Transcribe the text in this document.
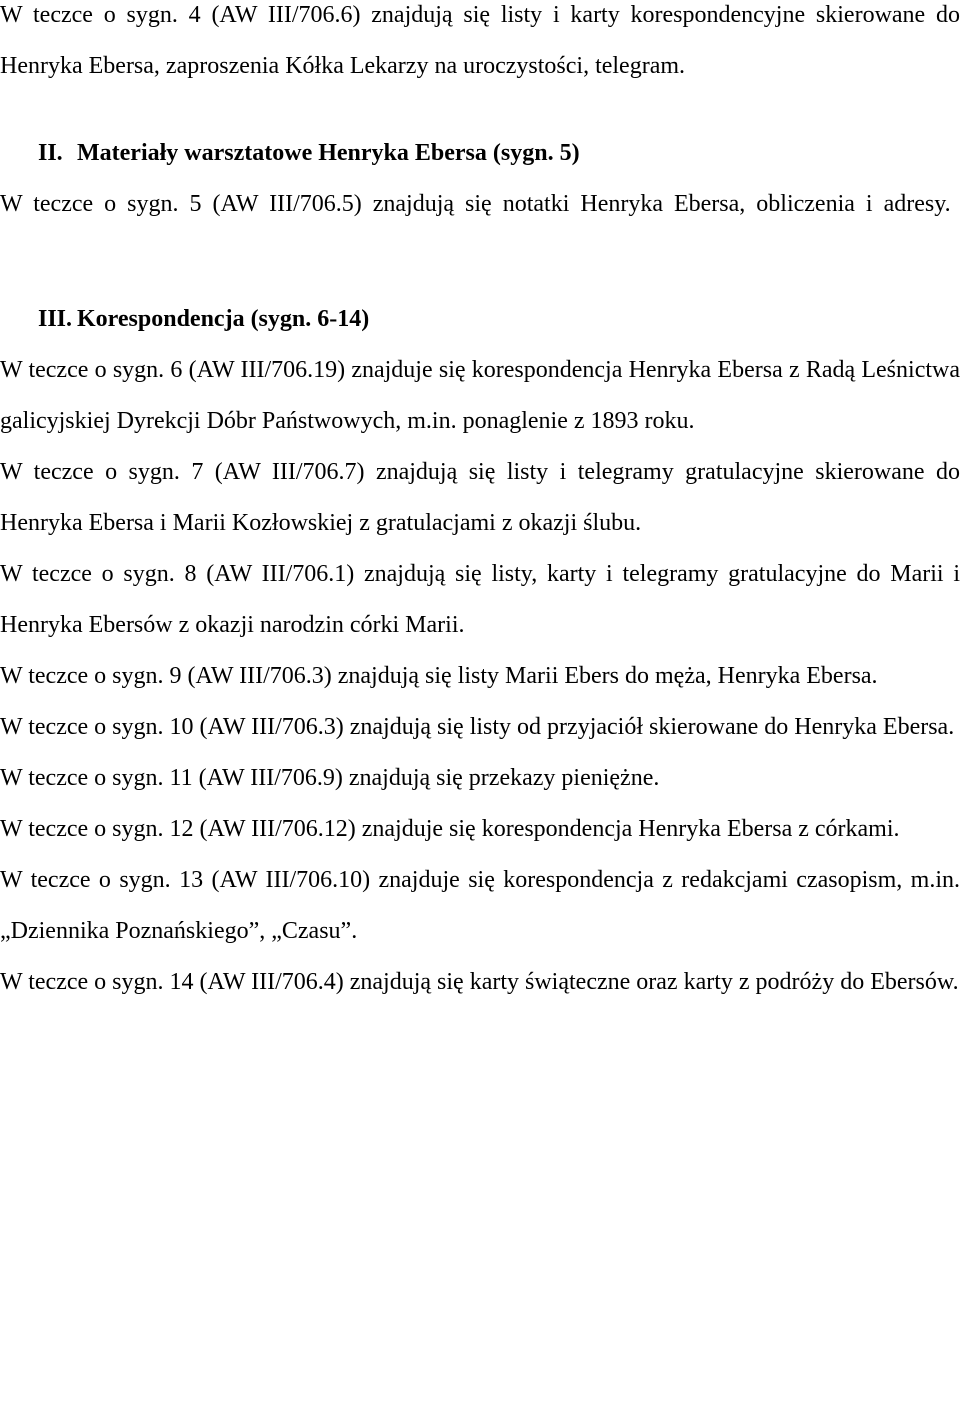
W teczce o sygn. 4 (AW III/706.6) znajdują się listy i karty korespondencyjne skierowane do Henryka Ebersa, zaproszenia Kółka Lekarzy na uroczystości, telegram.

II. Materiały warsztatowe Henryka Ebersa (sygn. 5)

W teczce o sygn. 5 (AW III/706.5) znajdują się notatki Henryka Ebersa, obliczenia i adresy.

III. Korespondencja (sygn. 6-14)

W teczce o sygn. 6 (AW III/706.19) znajduje się korespondencja Henryka Ebersa z Radą Leśnictwa galicyjskiej Dyrekcji Dóbr Państwowych, m.in. ponaglenie z 1893 roku.

W teczce o sygn. 7 (AW III/706.7) znajdują się listy i telegramy gratulacyjne skierowane do Henryka Ebersa i Marii Kozłowskiej z gratulacjami z okazji ślubu.

W teczce o sygn. 8 (AW III/706.1) znajdują się listy, karty i telegramy gratulacyjne do Marii i Henryka Ebersów z okazji narodzin córki Marii.

W teczce o sygn. 9 (AW III/706.3) znajdują się listy Marii Ebers do męża, Henryka Ebersa.

W teczce o sygn. 10 (AW III/706.3) znajdują się listy od przyjaciół skierowane do Henryka Ebersa.

W teczce o sygn. 11 (AW III/706.9) znajdują się przekazy pieniężne.

W teczce o sygn. 12 (AW III/706.12) znajduje się korespondencja Henryka Ebersa z córkami.

W teczce o sygn. 13 (AW III/706.10) znajduje się korespondencja z redakcjami czasopism, m.in. „Dziennika Poznańskiego”, „Czasu”.

W teczce o sygn. 14 (AW III/706.4) znajdują się karty świąteczne oraz karty z podróży do Ebersów.
